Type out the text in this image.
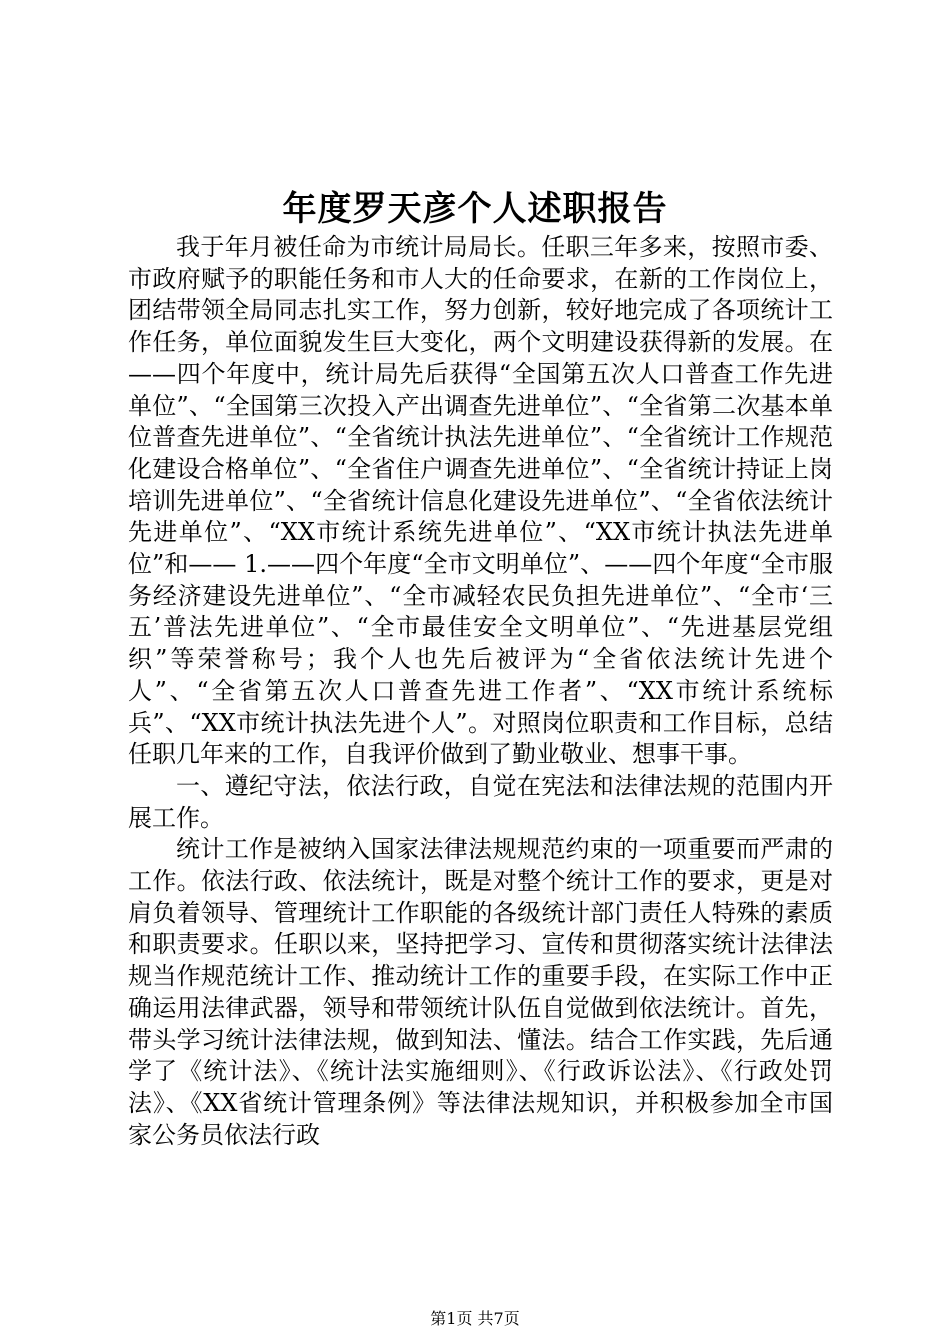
年度罗天彦个人述职报告

我于年月被任命为市统计局局长。任职三年多来，按照市委、市政府赋予的职能任务和市人大的任命要求，在新的工作岗位上，团结带领全局同志扎实工作，努力创新，较好地完成了各项统计工作任务，单位面貌发生巨大变化，两个文明建设获得新的发展。在——四个年度中，统计局先后获得“全国第五次人口普查工作先进单位”、“全国第三次投入产出调查先进单位”、“全省第二次基本单位普查先进单位”、“全省统计执法先进单位”、“全省统计工作规范化建设合格单位”、“全省住户调查先进单位”、“全省统计持证上岗培训先进单位”、“全省统计信息化建设先进单位”、“全省依法统计先进单位”、“XX市统计系统先进单位”、“XX市统计执法先进单位”和—— 1.——四个年度“全市文明单位”、——四个年度“全市服务经济建设先进单位”、“全市减轻农民负担先进单位”、“全市‘三五’普法先进单位”、“全市最佳安全文明单位”、“先进基层党组织”等荣誉称号；我个人也先后被评为“全省依法统计先进个人”、“全省第五次人口普查先进工作者”、“XX市统计系统标兵”、“XX市统计执法先进个人”。对照岗位职责和工作目标，总结任职几年来的工作，自我评价做到了勤业敬业、想事干事。

一、遵纪守法，依法行政，自觉在宪法和法律法规的范围内开展工作。

统计工作是被纳入国家法律法规规范约束的一项重要而严肃的工作。依法行政、依法统计，既是对整个统计工作的要求，更是对肩负着领导、管理统计工作职能的各级统计部门责任人特殊的素质和职责要求。任职以来，坚持把学习、宣传和贯彻落实统计法律法规当作规范统计工作、推动统计工作的重要手段，在实际工作中正确运用法律武器，领导和带领统计队伍自觉做到依法统计。首先，带头学习统计法律法规，做到知法、懂法。结合工作实践，先后通学了《统计法》、《统计法实施细则》、《行政诉讼法》、《行政处罚法》、《XX省统计管理条例》等法律法规知识，并积极参加全市国家公务员依法行政

第1页 共7页
